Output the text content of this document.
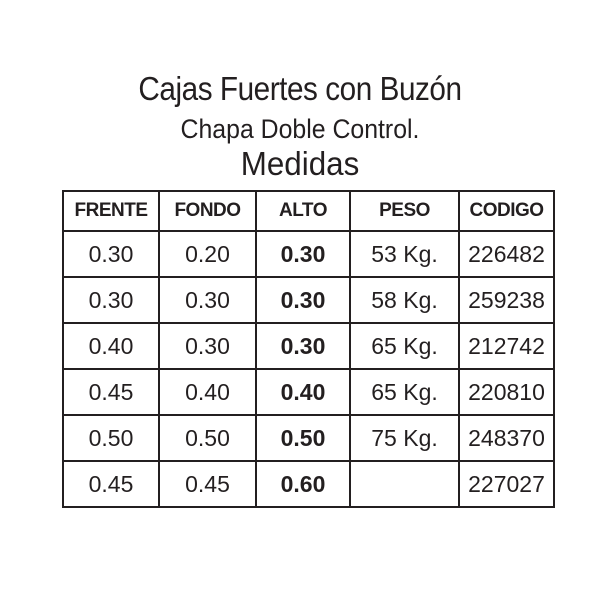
Cajas Fuertes con Buzón
Chapa Doble Control.
Medidas
FRENTE	FONDO	ALTO	PESO	CODIGO
0.30	0.20	0.30	53 Kg.	226482
0.30	0.30	0.30	58 Kg.	259238
0.40	0.30	0.30	65 Kg.	212742
0.45	0.40	0.40	65 Kg.	220810
0.50	0.50	0.50	75 Kg.	248370
0.45	0.45	0.60		227027
